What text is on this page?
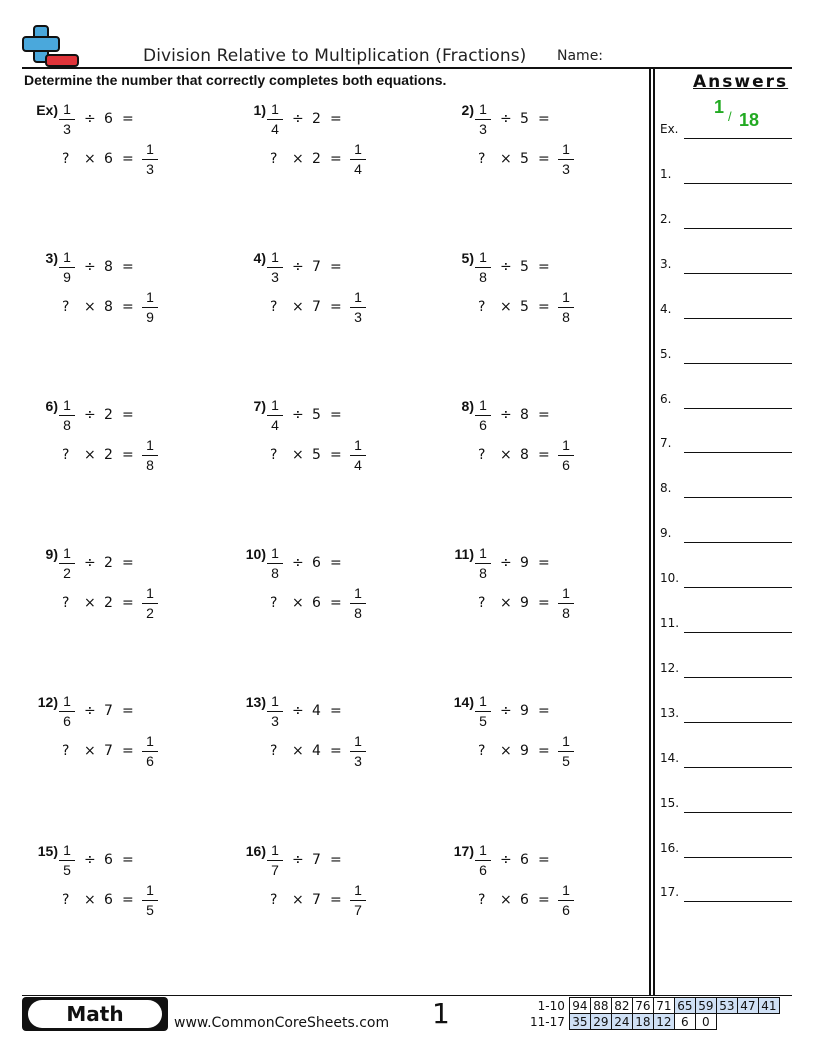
Division Relative to Multiplication (Fractions) Name:
Determine the number that correctly completes both equations.	Answers
Ex.
1 / 18
1.
2.
3.
4.
5.
6.
7.
8.
9.
10.
11.
12.
13.
14.
15.
16.
17.
Ex) 1
3
÷ 6 =
? × 6 =
1
3
1) 1
4
÷ 2 =
? × 2 =
1
4
2) 1
3
÷ 5 =
? × 5 =
1
3
3) 1
9
÷ 8 =
? × 8 =
1
9
4) 1
3
÷ 7 =
? × 7 =
1
3
5) 1
8
÷ 5 =
? × 5 =
1
8
6) 1
8
÷ 2 =
? × 2 =
1
8
7) 1
4
÷ 5 =
? × 5 =
1
4
8) 1
6
÷ 8 =
? × 8 =
1
6
9) 1
2
÷ 2 =
? × 2 =
1
2
10) 1
8
÷ 6 =
? × 6 =
1
8
11) 1
8
÷ 9 =
? × 9 =
1
8
12) 1
6
÷ 7 =
? × 7 =
1
6
13) 1
3
÷ 4 =
? × 4 =
1
3
14) 1
5
÷ 9 =
? × 9 =
1
5
15) 1
5
÷ 6 =
? × 6 =
1
5
16) 1
7
÷ 7 =
? × 7 =
1
7
17) 1
6
÷ 6 =
? × 6 =
1
6
Math	www.CommonCoreSheets.com 1	1-10	94	88	82	76	71	65	59	53	47	41
11-17	35	29	24	18	12	6	0			
